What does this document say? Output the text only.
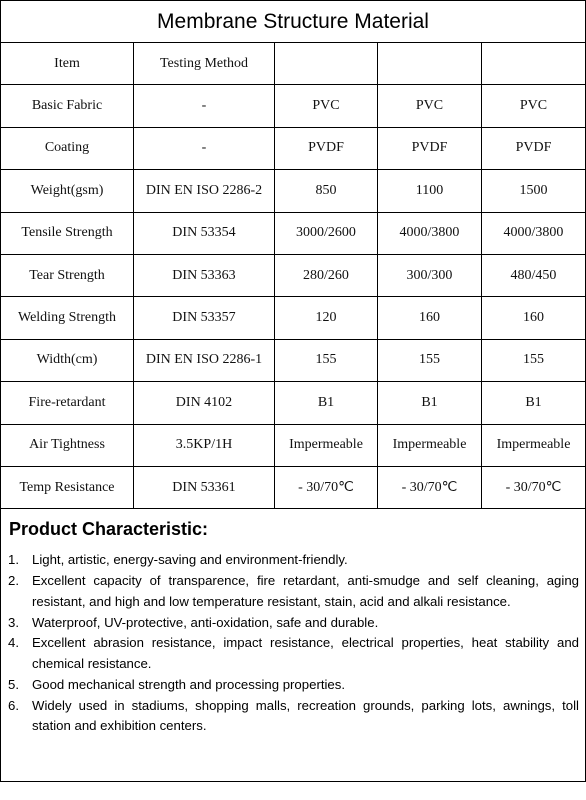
Membrane Structure Material
Item	Testing Method			
Basic Fabric	-	PVC	PVC	PVC
Coating	-	PVDF	PVDF	PVDF
Weight(gsm)	DIN EN ISO 2286-2	850	1100	1500
Tensile Strength	DIN 53354	3000/2600	4000/3800	4000/3800
Tear Strength	DIN 53363	280/260	300/300	480/450
Welding Strength	DIN 53357	120	160	160
Width(cm)	DIN EN ISO 2286-1	155	155	155
Fire-retardant	DIN 4102	B1	B1	B1
Air Tightness	3.5KP/1H	Impermeable	Impermeable	Impermeable
Temp Resistance	DIN 53361	- 30/70℃	- 30/70℃	- 30/70℃
Product Characteristic:
1. Light, artistic, energy-saving and environment-friendly.
2. Excellent capacity of transparence, fire retardant, anti-smudge and self cleaning, aging resistant, and high and low temperature resistant, stain, acid and alkali resistance.
3. Waterproof, UV-protective, anti-oxidation, safe and durable.
4. Excellent abrasion resistance, impact resistance, electrical properties, heat stability and chemical resistance.
5. Good mechanical strength and processing properties.
6. Widely used in stadiums, shopping malls, recreation grounds, parking lots, awnings, toll station and exhibition centers.
